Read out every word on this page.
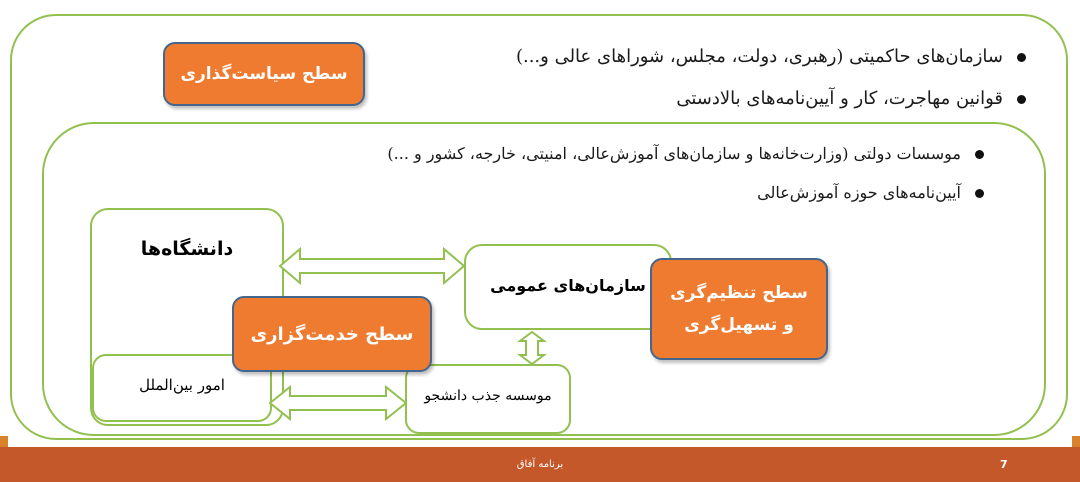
سطح سیاست‌گذاری
سازمان‌های حاکمیتی (رهبری، دولت، مجلس، شوراهای عالی و...)
قوانین مهاجرت، کار و آیین‌نامه‌های بالادستی
موسسات دولتی (وزارت‌خانه‌ها و سازمان‌های آموزش‌عالی، امنیتی، خارجه، کشور و ...)
آیین‌نامه‌های حوزه آموزش‌عالی
دانشگاه‌ها
امور بین‌الملل
سازمان‌های عمومی
موسسه جذب دانشجو
سطح خدمت‌گزاری
سطح تنظیم‌گری
و تسهیل‌گری
برنامه آفاق	7
